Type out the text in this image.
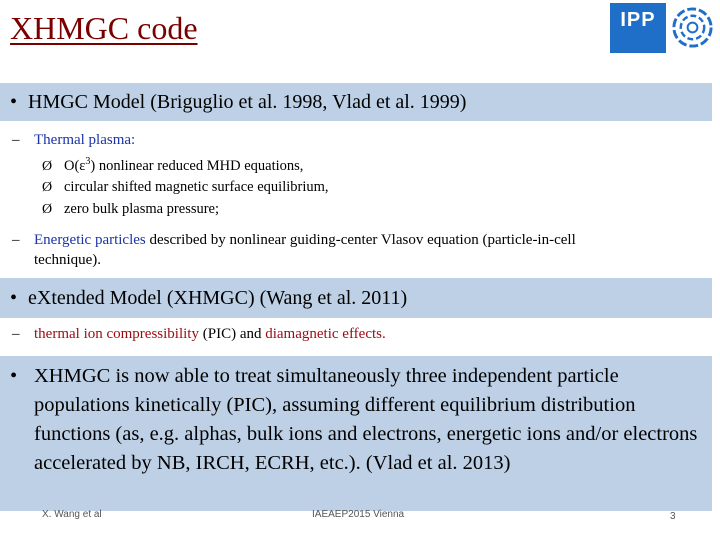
XHMGC code	IPP
• HMGC Model (Briguglio et al. 1998, Vlad et al. 1999)
– Thermal plasma:
Ø $O(\varepsilon^3)$ nonlinear reduced MHD equations,
Ø circular shifted magnetic surface equilibrium,
Ø zero bulk plasma pressure;
– Energetic particles described by nonlinear guiding-center Vlasov equation (particle-in-cell
technique).
• eXtended Model (XHMGC) (Wang et al. 2011)
– thermal ion compressibility (PIC) and diamagnetic effects.
• XHMGC is now able to treat simultaneously three independent particle populations kinetically (PIC), assuming different equilibrium distribution functions (as, e.g. alphas, bulk ions and electrons, energetic ions and/or electrons accelerated by NB, IRCH, ECRH, etc.). (Vlad et al. 2013)
X. Wang et al	IAEAEP2015 Vienna	3
